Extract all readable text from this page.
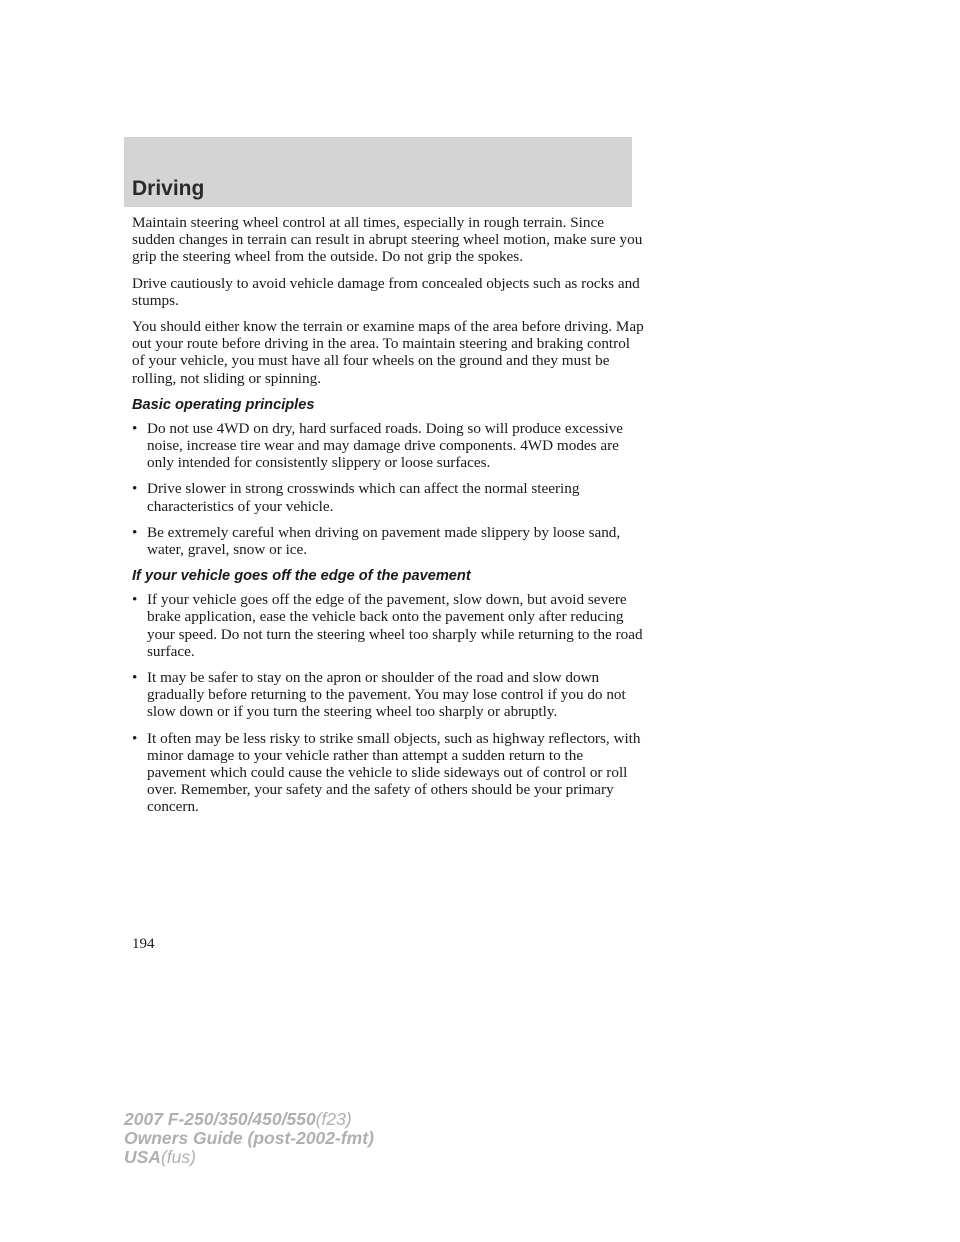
Driving

Maintain steering wheel control at all times, especially in rough terrain. Since sudden changes in terrain can result in abrupt steering wheel motion, make sure you grip the steering wheel from the outside. Do not grip the spokes.

Drive cautiously to avoid vehicle damage from concealed objects such as rocks and stumps.

You should either know the terrain or examine maps of the area before driving. Map out your route before driving in the area. To maintain steering and braking control of your vehicle, you must have all four wheels on the ground and they must be rolling, not sliding or spinning.

Basic operating principles
• Do not use 4WD on dry, hard surfaced roads. Doing so will produce excessive noise, increase tire wear and may damage drive components. 4WD modes are only intended for consistently slippery or loose surfaces.
• Drive slower in strong crosswinds which can affect the normal steering characteristics of your vehicle.
• Be extremely careful when driving on pavement made slippery by loose sand, water, gravel, snow or ice.
If your vehicle goes off the edge of the pavement
• If your vehicle goes off the edge of the pavement, slow down, but avoid severe brake application, ease the vehicle back onto the pavement only after reducing your speed. Do not turn the steering wheel too sharply while returning to the road surface.
• It may be safer to stay on the apron or shoulder of the road and slow down gradually before returning to the pavement. You may lose control if you do not slow down or if you turn the steering wheel too sharply or abruptly.
• It often may be less risky to strike small objects, such as highway reflectors, with minor damage to your vehicle rather than attempt a sudden return to the pavement which could cause the vehicle to slide sideways out of control or roll over. Remember, your safety and the safety of others should be your primary concern.
194
2007 F-250/350/450/550(f23)
Owners Guide (post-2002-fmt)
USA(fus)
